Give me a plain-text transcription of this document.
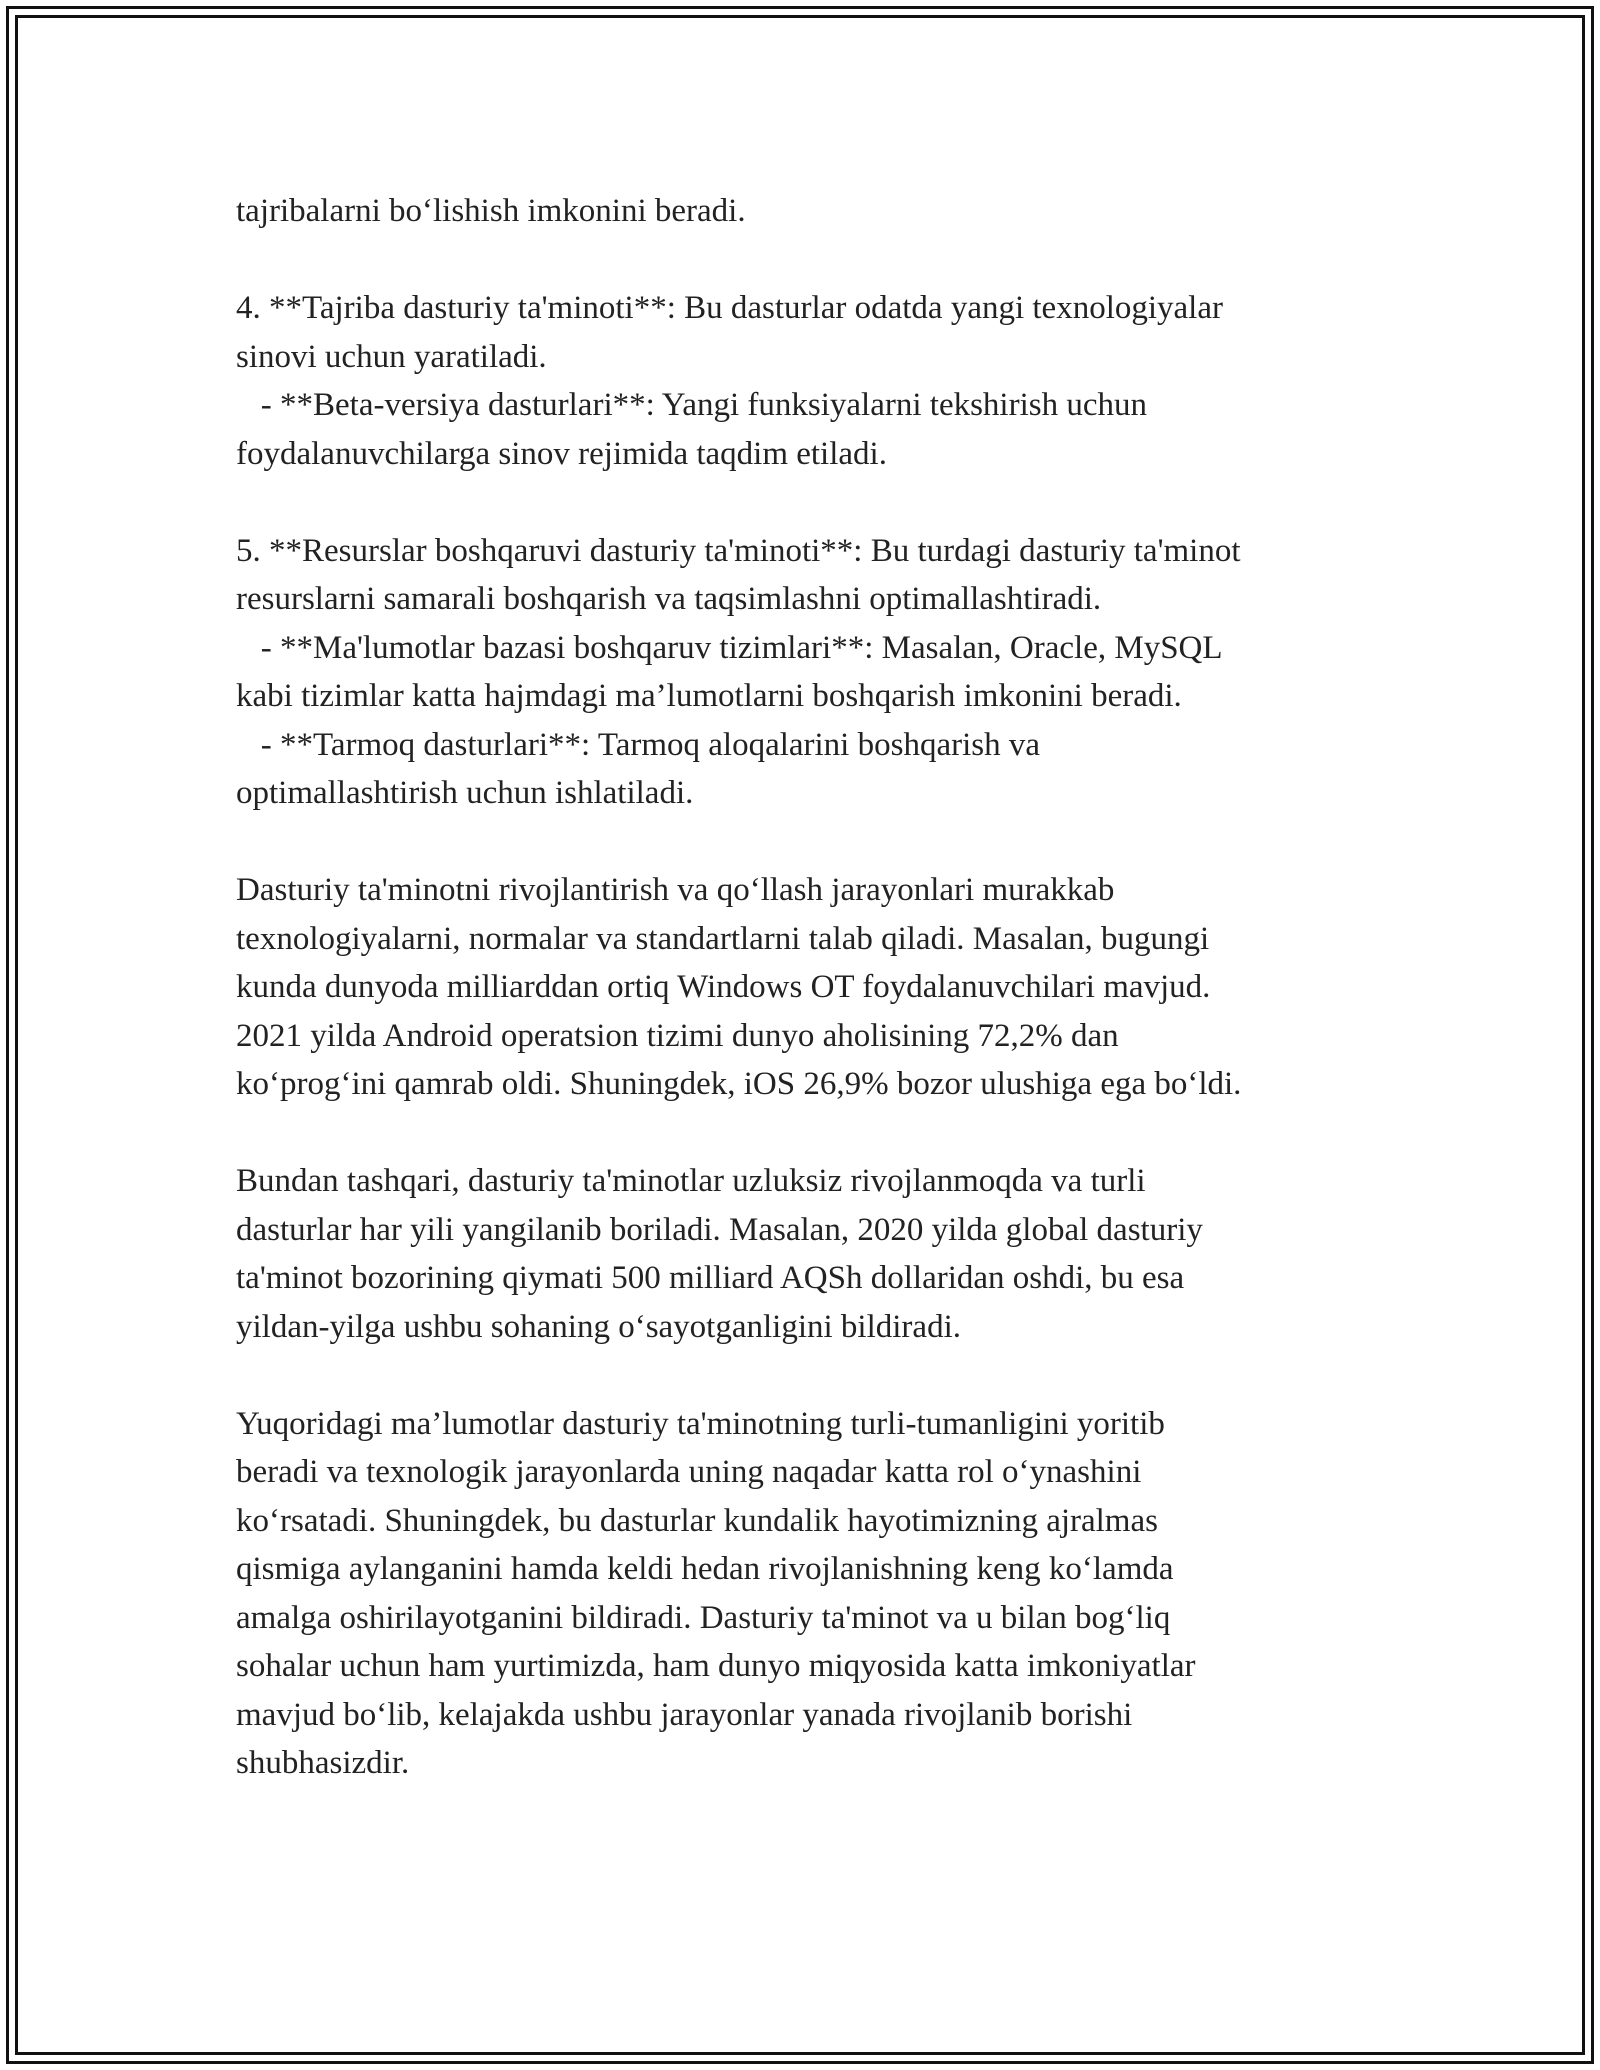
tajribalarni bo‘lishish imkonini beradi.
4. **Tajriba dasturiy ta'minoti**: Bu dasturlar odatda yangi texnologiyalar
sinovi uchun yaratiladi.
- **Beta-versiya dasturlari**: Yangi funksiyalarni tekshirish uchun
foydalanuvchilarga sinov rejimida taqdim etiladi.
5. **Resurslar boshqaruvi dasturiy ta'minoti**: Bu turdagi dasturiy ta'minot
resurslarni samarali boshqarish va taqsimlashni optimallashtiradi.
- **Ma'lumotlar bazasi boshqaruv tizimlari**: Masalan, Oracle, MySQL
kabi tizimlar katta hajmdagi ma’lumotlarni boshqarish imkonini beradi.
- **Tarmoq dasturlari**: Tarmoq aloqalarini boshqarish va
optimallashtirish uchun ishlatiladi.
Dasturiy ta'minotni rivojlantirish va qo‘llash jarayonlari murakkab
texnologiyalarni, normalar va standartlarni talab qiladi. Masalan, bugungi
kunda dunyoda milliarddan ortiq Windows OT foydalanuvchilari mavjud.
2021 yilda Android operatsion tizimi dunyo aholisining 72,2% dan
ko‘prog‘ini qamrab oldi. Shuningdek, iOS 26,9% bozor ulushiga ega bo‘ldi.
Bundan tashqari, dasturiy ta'minotlar uzluksiz rivojlanmoqda va turli
dasturlar har yili yangilanib boriladi. Masalan, 2020 yilda global dasturiy
ta'minot bozorining qiymati 500 milliard AQSh dollaridan oshdi, bu esa
yildan-yilga ushbu sohaning o‘sayotganligini bildiradi.
Yuqoridagi ma’lumotlar dasturiy ta'minotning turli-tumanligini yoritib
beradi va texnologik jarayonlarda uning naqadar katta rol o‘ynashini
ko‘rsatadi. Shuningdek, bu dasturlar kundalik hayotimizning ajralmas
qismiga aylanganini hamda keldi hedan rivojlanishning keng ko‘lamda
amalga oshirilayotganini bildiradi. Dasturiy ta'minot va u bilan bog‘liq
sohalar uchun ham yurtimizda, ham dunyo miqyosida katta imkoniyatlar
mavjud bo‘lib, kelajakda ushbu jarayonlar yanada rivojlanib borishi
shubhasizdir.
